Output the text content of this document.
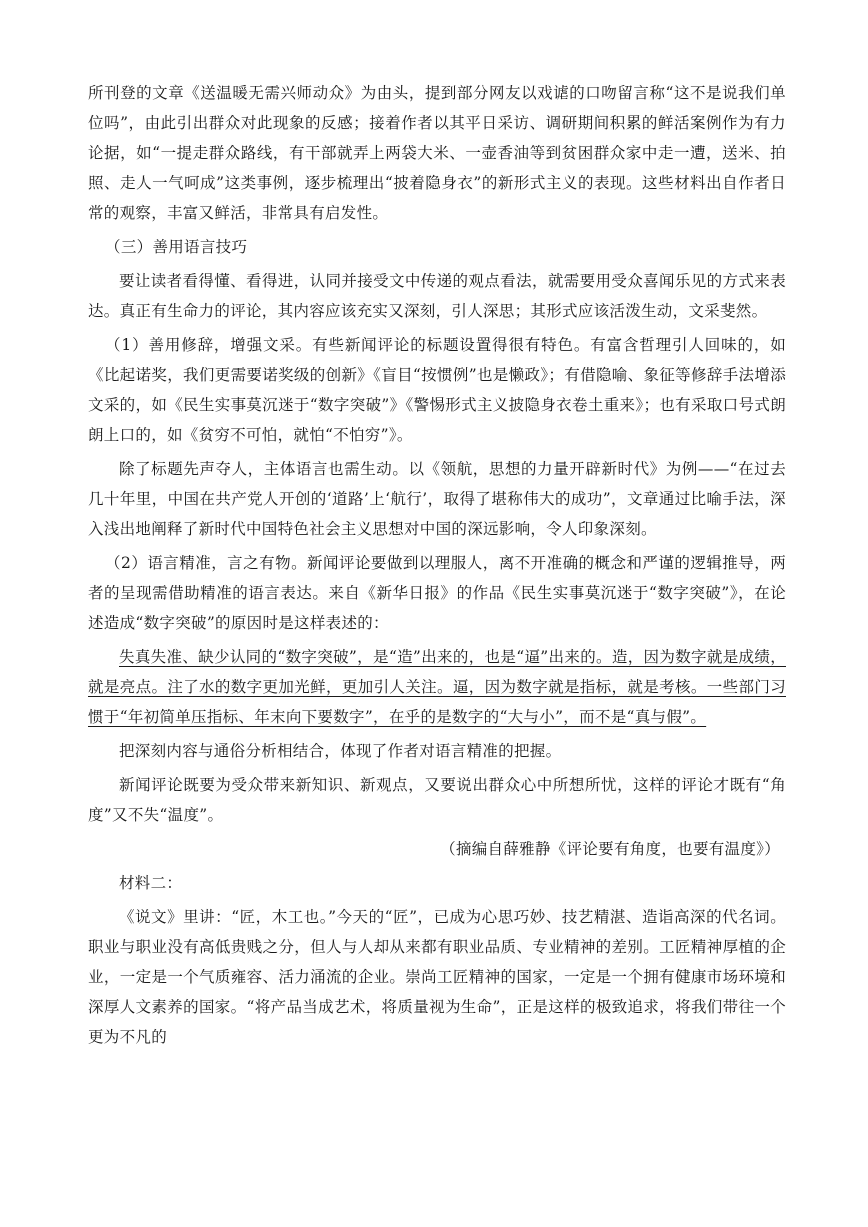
所刊登的文章《送温暖无需兴师动众》为由头，提到部分网友以戏谑的口吻留言称“这不是说我们单位吗”，由此引出群众对此现象的反感；接着作者以其平日采访、调研期间积累的鲜活案例作为有力论据，如“一提走群众路线，有干部就弄上两袋大米、一壶香油等到贫困群众家中走一遭，送米、拍照、走人一气呵成”这类事例，逐步梳理出“披着隐身衣”的新形式主义的表现。这些材料出自作者日常的观察，丰富又鲜活，非常具有启发性。

（三）善用语言技巧

要让读者看得懂、看得进，认同并接受文中传递的观点看法，就需要用受众喜闻乐见的方式来表达。真正有生命力的评论，其内容应该充实又深刻，引人深思；其形式应该活泼生动，文采斐然。

（1）善用修辞，增强文采。有些新闻评论的标题设置得很有特色。有富含哲理引人回味的，如《比起诺奖，我们更需要诺奖级的创新》《盲目“按惯例”也是懒政》；有借隐喻、象征等修辞手法增添文采的，如《民生实事莫沉迷于“数字突破”》《警惕形式主义披隐身衣卷土重来》；也有采取口号式朗朗上口的，如《贫穷不可怕，就怕“不怕穷”》。

除了标题先声夺人，主体语言也需生动。以《领航，思想的力量开辟新时代》为例——“在过去几十年里，中国在共产党人开创的‘道路’上‘航行’，取得了堪称伟大的成功”，文章通过比喻手法，深入浅出地阐释了新时代中国特色社会主义思想对中国的深远影响，令人印象深刻。

（2）语言精准，言之有物。新闻评论要做到以理服人，离不开准确的概念和严谨的逻辑推导，两者的呈现需借助精准的语言表达。来自《新华日报》的作品《民生实事莫沉迷于“数字突破”》，在论述造成“数字突破”的原因时是这样表述的：

失真失准、缺少认同的“数字突破”，是“造”出来的，也是“逼”出来的。造，因为数字就是成绩，就是亮点。注了水的数字更加光鲜，更加引人关注。逼，因为数字就是指标，就是考核。一些部门习惯于“年初简单压指标、年末向下要数字”，在乎的是数字的“大与小”，而不是“真与假”。

把深刻内容与通俗分析相结合，体现了作者对语言精准的把握。

新闻评论既要为受众带来新知识、新观点，又要说出群众心中所想所忧，这样的评论才既有“角度”又不失“温度”。

（摘编自薛雅静《评论要有角度，也要有温度》）

材料二：

《说文》里讲：“匠，木工也。”今天的“匠”，已成为心思巧妙、技艺精湛、造诣高深的代名词。职业与职业没有高低贵贱之分，但人与人却从来都有职业品质、专业精神的差别。工匠精神厚植的企业，一定是一个气质雍容、活力涌流的企业。崇尚工匠精神的国家，一定是一个拥有健康市场环境和深厚人文素养的国家。“将产品当成艺术，将质量视为生命”，正是这样的极致追求，将我们带往一个更为不凡的
